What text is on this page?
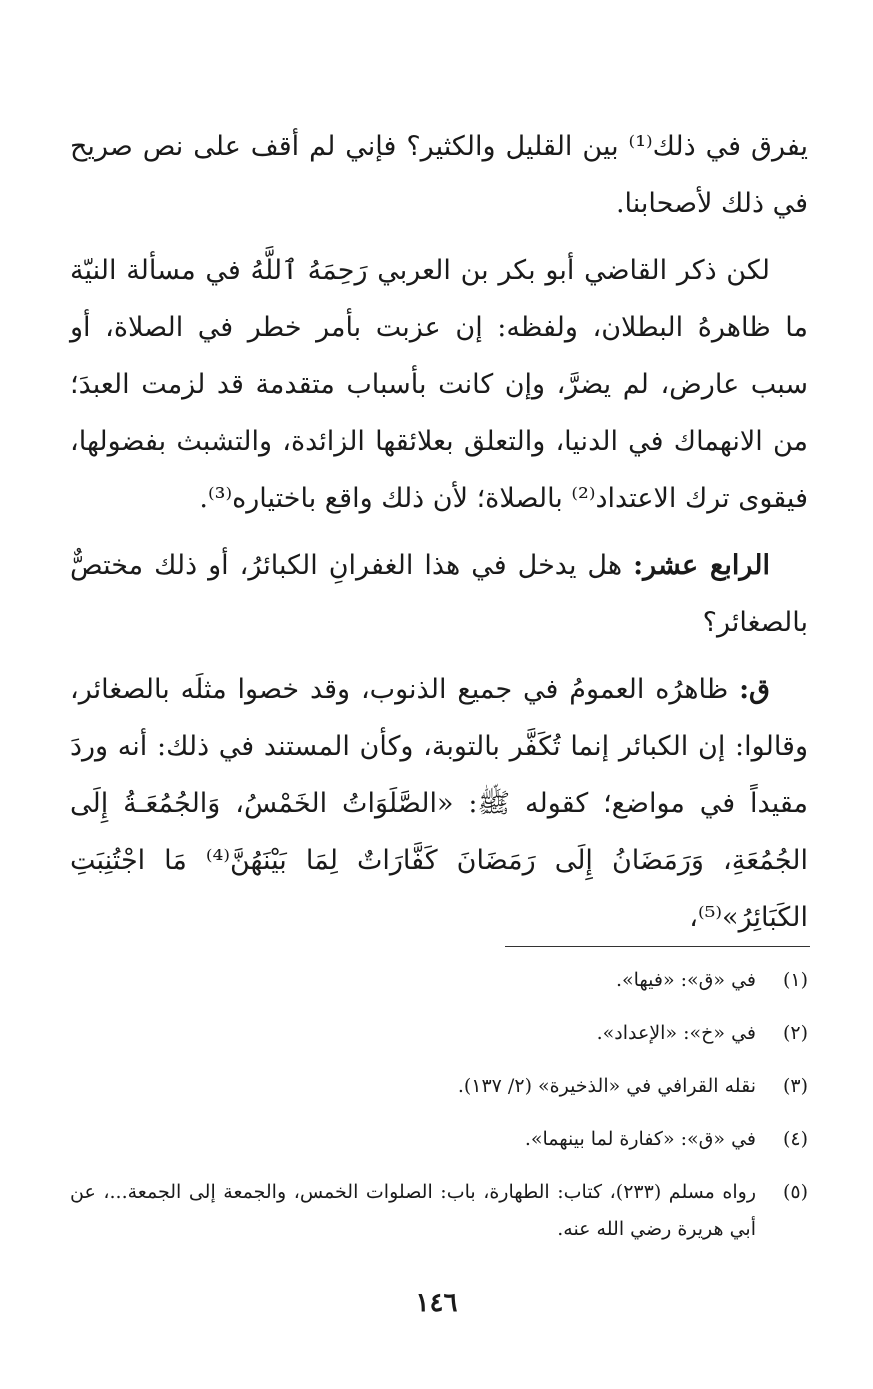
يفرق في ذلك⁽¹⁾ بين القليل والكثير؟ فإني لم أقف على نص صريح في ذلك لأصحابنا.

لكن ذكر القاضي أبو بكر بن العربي رَحِمَهُ ٱللَّهُ في مسألة النيّة ما ظاهرهُ البطلان، ولفظه: إن عزبت بأمر خطر في الصلاة، أو سبب عارض، لم يضرَّ، وإن كانت بأسباب متقدمة قد لزمت العبدَ؛ من الانهماك في الدنيا، والتعلق بعلائقها الزائدة، والتشبث بفضولها، فيقوى ترك الاعتداد⁽²⁾ بالصلاة؛ لأن ذلك واقع باختياره⁽³⁾.

الرابع عشر: هل يدخل في هذا الغفرانِ الكبائرُ، أو ذلك مختصٌّ بالصغائر؟

ق: ظاهرُه العمومُ في جميع الذنوب، وقد خصوا مثلَه بالصغائر، وقالوا: إن الكبائر إنما تُكَفَّر بالتوبة، وكأن المستند في ذلك: أنه وردَ مقيداً في مواضع؛ كقوله ﷺ: «الصَّلَوَاتُ الخَمْسُ، وَالجُمُعَـةُ إِلَى الجُمُعَةِ، وَرَمَضَانُ إِلَى رَمَضَانَ كَفَّارَاتٌ لِمَا بَيْنَهُنَّ⁽⁴⁾ مَا اجْتُنِبَتِ الكَبَائِرُ»⁽⁵⁾،

(١)
في «ق»: «فيها».
(٢)
في «خ»: «الإعداد».
(٣)
نقله القرافي في «الذخيرة» (٢/ ١٣٧).
(٤)
في «ق»: «كفارة لما بينهما».
(٥)
رواه مسلم (٢٣٣)، كتاب: الطهارة، باب: الصلوات الخمس، والجمعة إلى الجمعة...، عن أبي هريرة رضي الله عنه.
١٤٦
